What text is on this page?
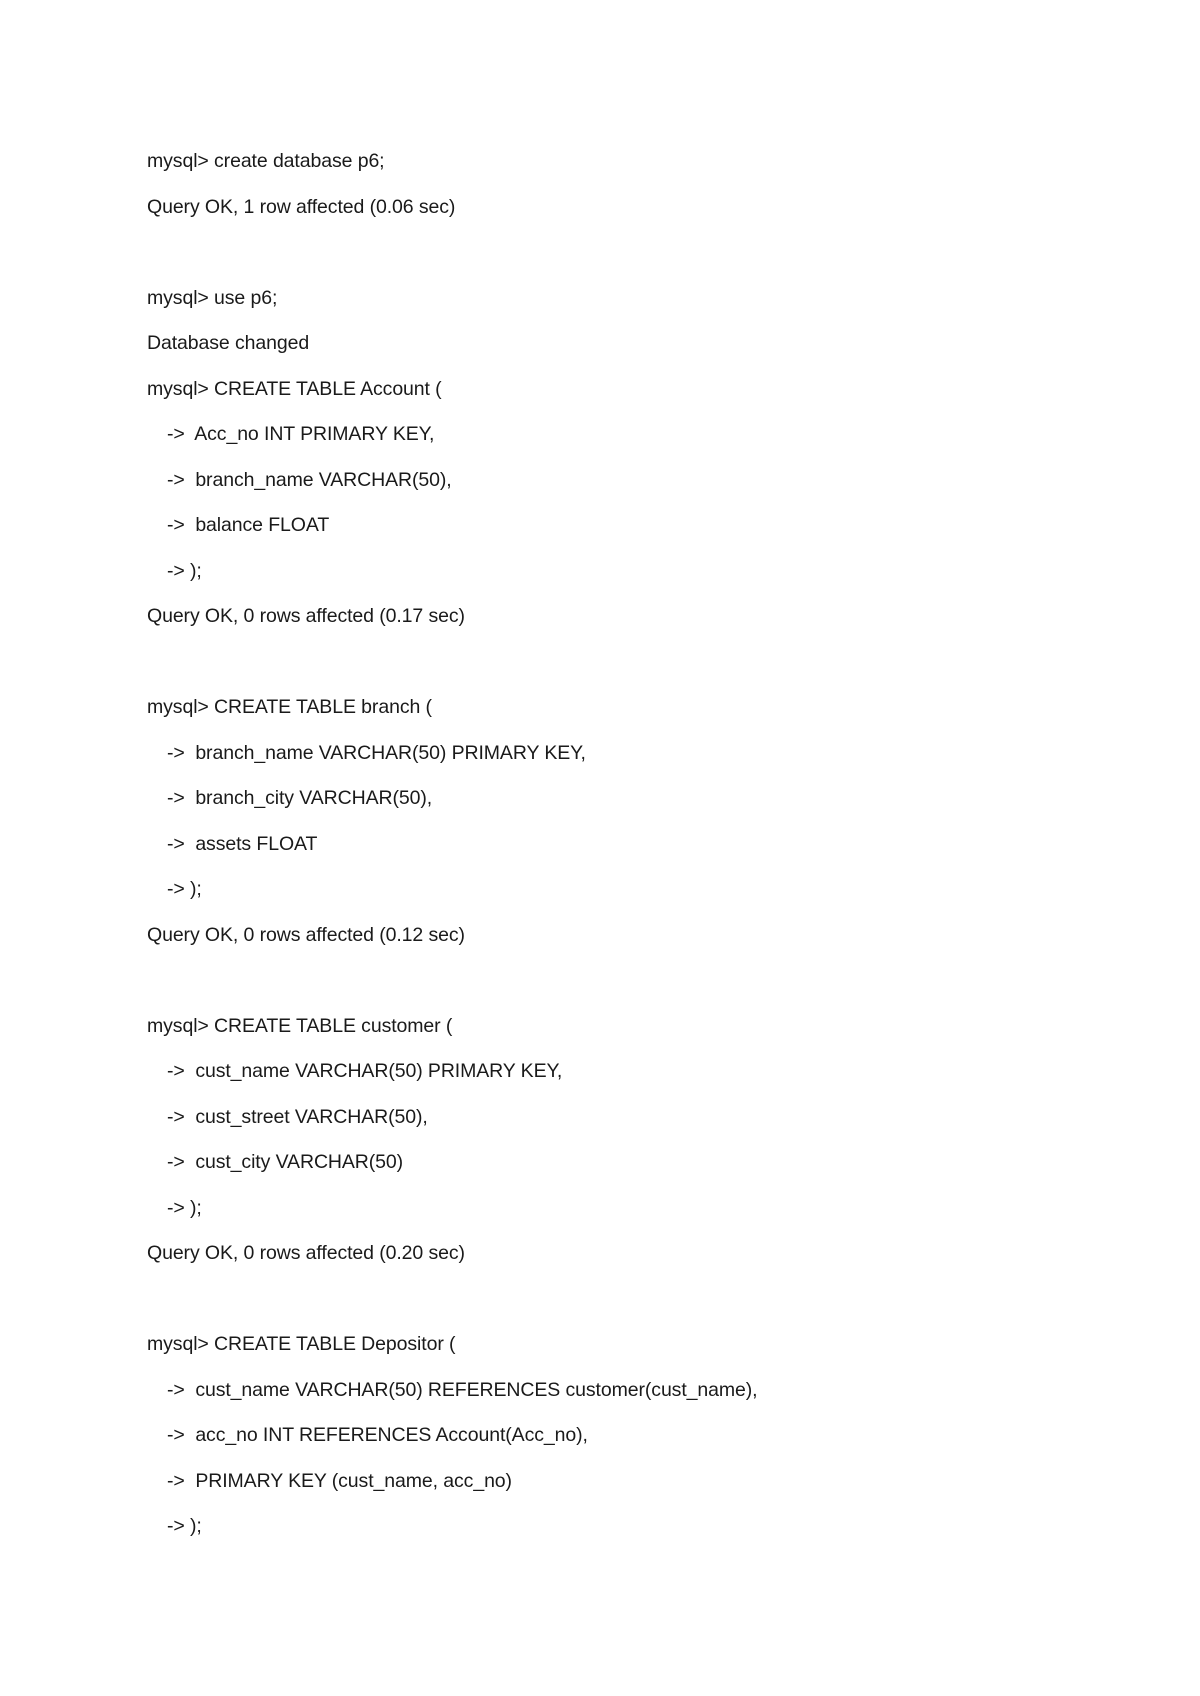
mysql> create database p6;
Query OK, 1 row affected (0.06 sec)
mysql> use p6;
Database changed
mysql> CREATE TABLE Account (
->  Acc_no INT PRIMARY KEY,
->  branch_name VARCHAR(50),
->  balance FLOAT
-> );
Query OK, 0 rows affected (0.17 sec)
mysql> CREATE TABLE branch (
->  branch_name VARCHAR(50) PRIMARY KEY,
->  branch_city VARCHAR(50),
->  assets FLOAT
-> );
Query OK, 0 rows affected (0.12 sec)
mysql> CREATE TABLE customer (
->  cust_name VARCHAR(50) PRIMARY KEY,
->  cust_street VARCHAR(50),
->  cust_city VARCHAR(50)
-> );
Query OK, 0 rows affected (0.20 sec)
mysql> CREATE TABLE Depositor (
->  cust_name VARCHAR(50) REFERENCES customer(cust_name),
->  acc_no INT REFERENCES Account(Acc_no),
->  PRIMARY KEY (cust_name, acc_no)
-> );
